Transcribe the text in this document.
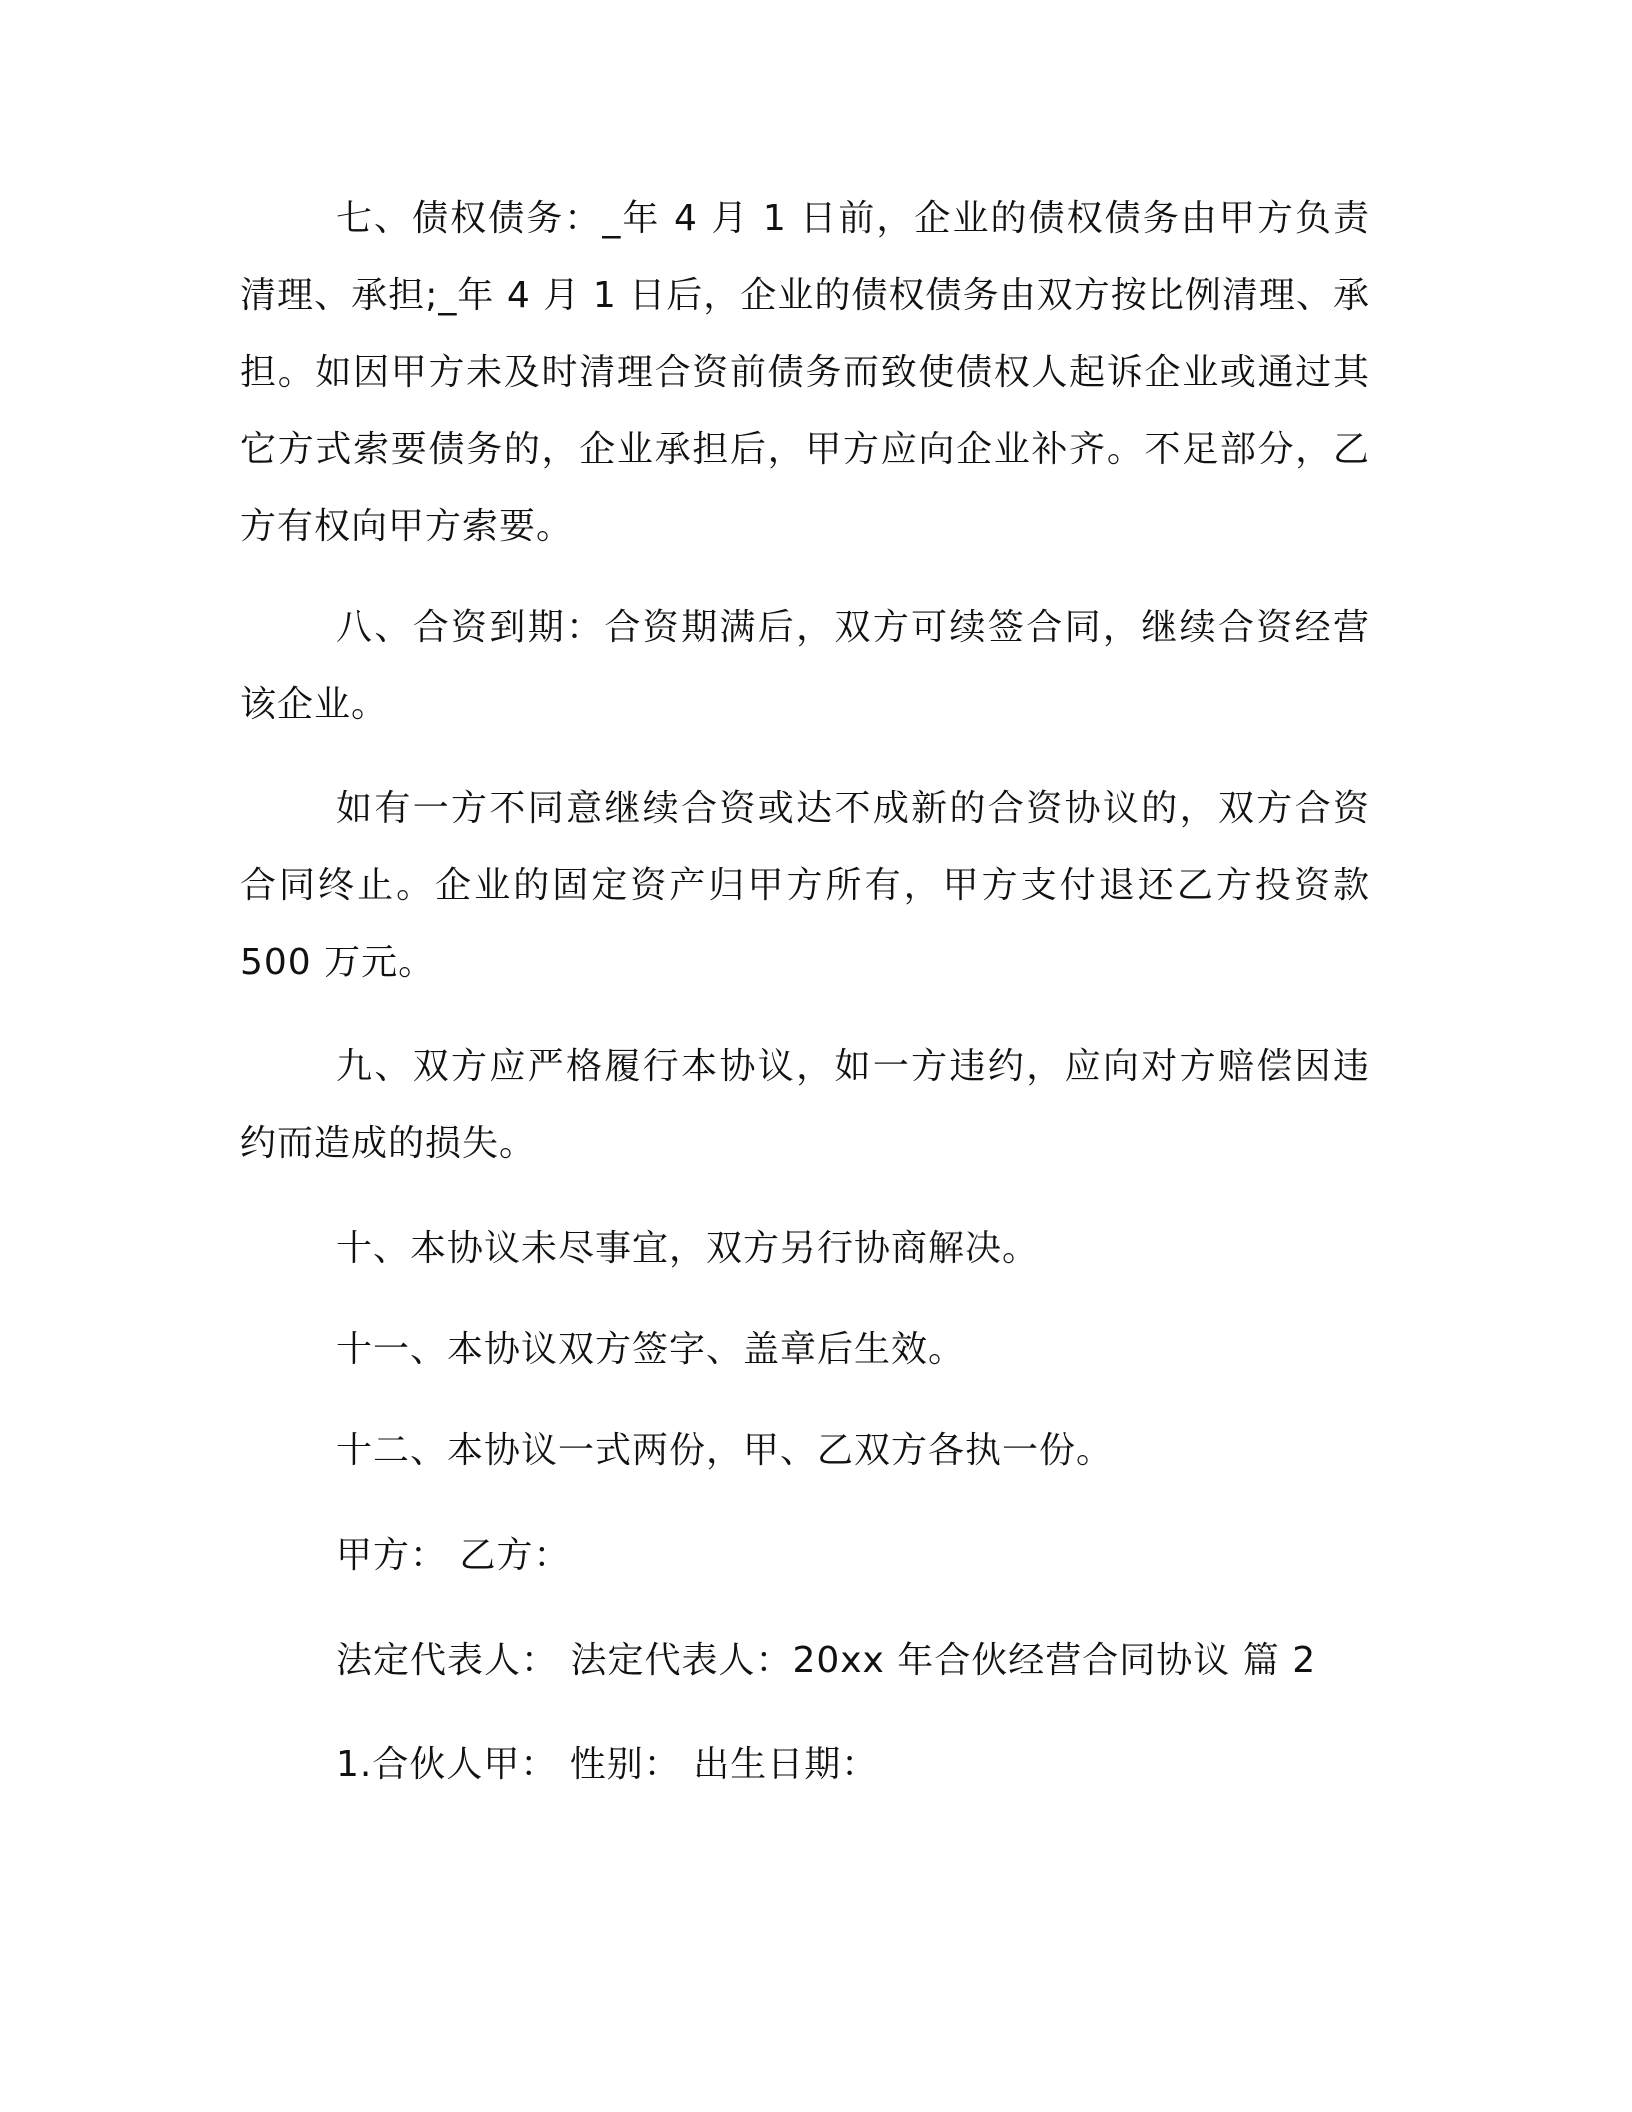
七、债权债务：_年 4 月 1 日前，企业的债权债务由甲方负责清理、承担;_年 4 月 1 日后，企业的债权债务由双方按比例清理、承担。如因甲方未及时清理合资前债务而致使债权人起诉企业或通过其它方式索要债务的，企业承担后，甲方应向企业补齐。不足部分，乙方有权向甲方索要。

八、合资到期：合资期满后，双方可续签合同，继续合资经营该企业。

如有一方不同意继续合资或达不成新的合资协议的，双方合资合同终止。企业的固定资产归甲方所有，甲方支付退还乙方投资款 500 万元。

九、双方应严格履行本协议，如一方违约，应向对方赔偿因违约而造成的损失。

十、本协议未尽事宜，双方另行协商解决。

十一、本协议双方签字、盖章后生效。

十二、本协议一式两份，甲、乙双方各执一份。

甲方： 乙方：

法定代表人： 法定代表人：20xx 年合伙经营合同协议 篇 2

1.合伙人甲： 性别： 出生日期：
